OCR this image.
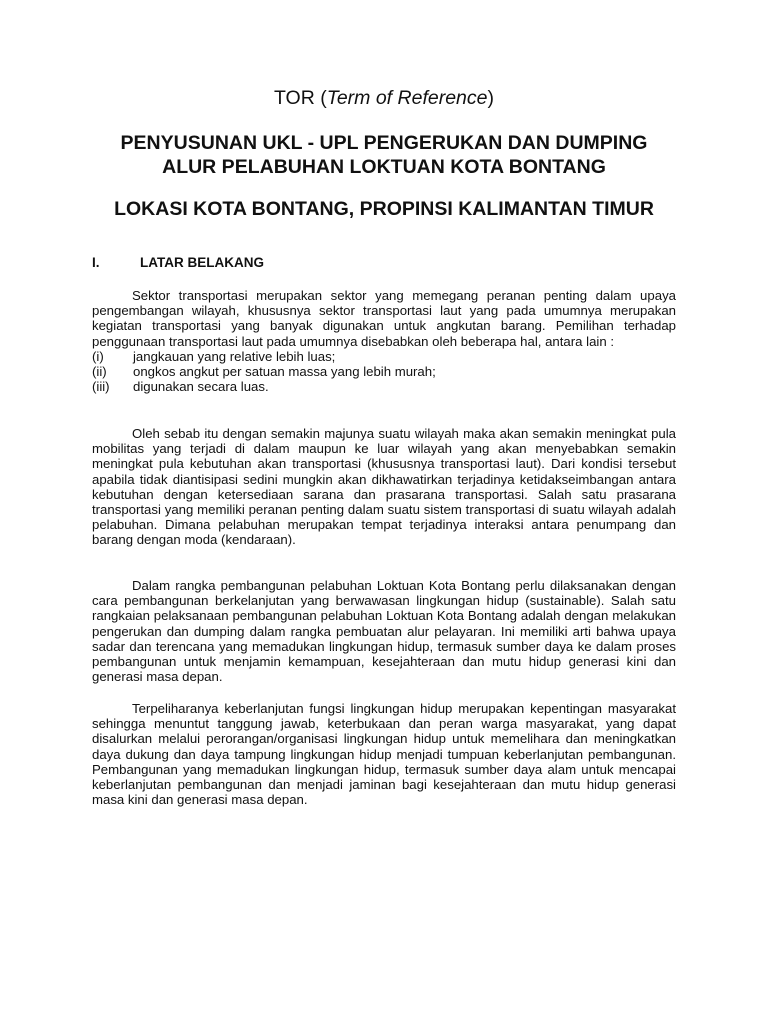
TOR (Term of Reference)
PENYUSUNAN UKL - UPL PENGERUKAN DAN DUMPING
ALUR PELABUHAN LOKTUAN KOTA BONTANG
LOKASI KOTA BONTANG, PROPINSI KALIMANTAN TIMUR
I.	LATAR BELAKANG

Sektor transportasi merupakan sektor yang memegang peranan penting dalam upaya pengembangan wilayah, khususnya sektor transportasi laut yang pada umumnya merupakan kegiatan transportasi yang banyak digunakan untuk angkutan barang. Pemilihan terhadap penggunaan transportasi laut pada umumnya disebabkan oleh beberapa hal, antara lain :

(i)	jangkauan yang relative lebih luas;
(ii)	ongkos angkut per satuan massa yang lebih murah;
(iii)	digunakan secara luas.

Oleh sebab itu dengan semakin majunya suatu wilayah maka akan semakin meningkat pula mobilitas yang terjadi di dalam maupun ke luar wilayah yang akan menyebabkan semakin meningkat pula kebutuhan akan transportasi (khususnya transportasi laut). Dari kondisi tersebut apabila tidak diantisipasi sedini mungkin akan dikhawatirkan terjadinya ketidakseimbangan antara kebutuhan dengan ketersediaan sarana dan prasarana transportasi. Salah satu prasarana transportasi yang memiliki peranan penting dalam suatu sistem transportasi di suatu wilayah adalah pelabuhan. Dimana pelabuhan merupakan tempat terjadinya interaksi antara penumpang dan barang dengan moda (kendaraan).

Dalam rangka pembangunan pelabuhan Loktuan Kota Bontang perlu dilaksanakan dengan cara pembangunan berkelanjutan yang berwawasan lingkungan hidup (sustainable). Salah satu rangkaian pelaksanaan pembangunan pelabuhan Loktuan Kota Bontang adalah dengan melakukan pengerukan dan dumping dalam rangka pembuatan alur pelayaran. Ini memiliki arti bahwa upaya sadar dan terencana yang memadukan lingkungan hidup, termasuk sumber daya ke dalam proses pembangunan untuk menjamin kemampuan, kesejahteraan dan mutu hidup generasi kini dan generasi masa depan.

Terpeliharanya keberlanjutan fungsi lingkungan hidup merupakan kepentingan masyarakat sehingga menuntut tanggung jawab, keterbukaan dan peran warga masyarakat, yang dapat disalurkan melalui perorangan/organisasi lingkungan hidup untuk memelihara dan meningkatkan daya dukung dan daya tampung lingkungan hidup menjadi tumpuan keberlanjutan pembangunan. Pembangunan yang memadukan lingkungan hidup, termasuk sumber daya alam untuk mencapai keberlanjutan pembangunan dan menjadi jaminan bagi kesejahteraan dan mutu hidup generasi masa kini dan generasi masa depan.
